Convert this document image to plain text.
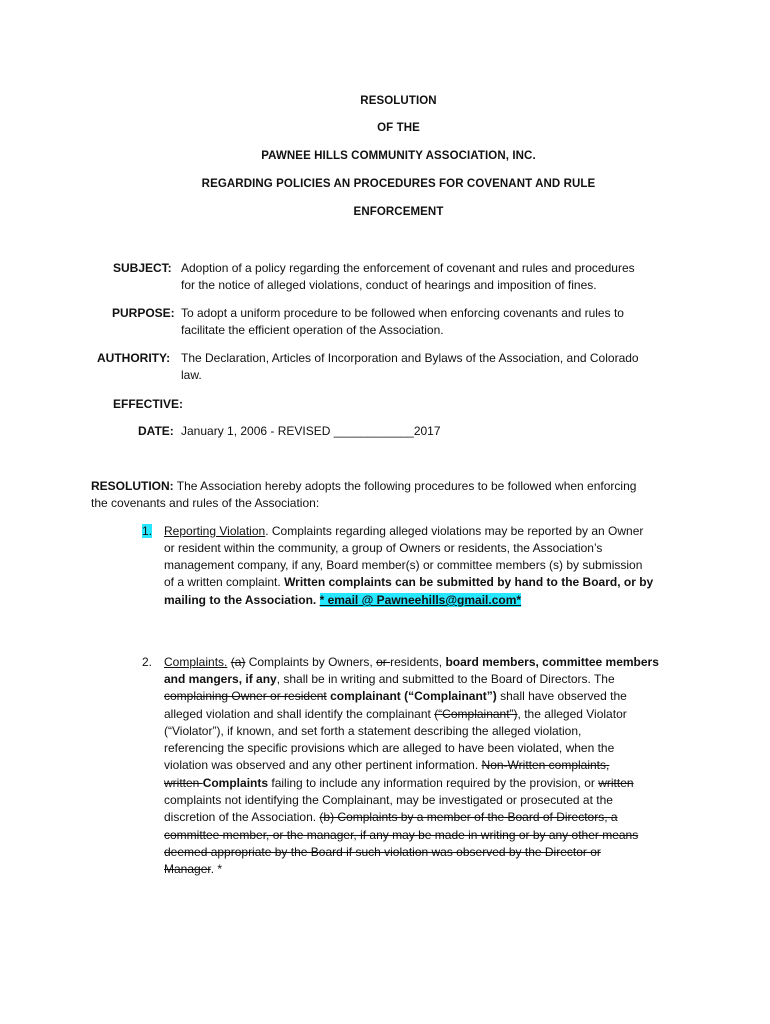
RESOLUTION
OF THE
PAWNEE HILLS COMMUNITY ASSOCIATION, INC.
REGARDING POLICIES AN PROCEDURES FOR COVENANT AND RULE
ENFORCEMENT
SUBJECT: Adoption of a policy regarding the enforcement of covenant and rules and procedures
for the notice of alleged violations, conduct of hearings and imposition of fines.
PURPOSE: To adopt a uniform procedure to be followed when enforcing covenants and rules to
facilitate the efficient operation of the Association.
AUTHORITY: The Declaration, Articles of Incorporation and Bylaws of the Association, and Colorado
law.
EFFECTIVE:
DATE: January 1, 2006 - REVISED ____________2017
RESOLUTION: The Association hereby adopts the following procedures to be followed when enforcing
the covenants and rules of the Association:
1. Reporting Violation. Complaints regarding alleged violations may be reported by an Owner
or resident within the community, a group of Owners or residents, the Association’s
management company, if any, Board member(s) or committee members (s) by submission
of a written complaint. Written complaints can be submitted by hand to the Board, or by
mailing to the Association. * email @ Pawneehills@gmail.com*
2. Complaints. (a) Complaints by Owners, or residents, board members, committee members
and mangers, if any, shall be in writing and submitted to the Board of Directors. The
complaining Owner or resident complainant (“Complainant”) shall have observed the
alleged violation and shall identify the complainant (“Complainant”), the alleged Violator
(“Violator”), if known, and set forth a statement describing the alleged violation,
referencing the specific provisions which are alleged to have been violated, when the
violation was observed and any other pertinent information. Non-Written complaints,
written Complaints failing to include any information required by the provision, or written
complaints not identifying the Complainant, may be investigated or prosecuted at the
discretion of the Association. (b) Complaints by a member of the Board of Directors, a
committee member, or the manager, if any may be made in writing or by any other means
deemed appropriate by the Board if such violation was observed by the Director or
Manager. *
